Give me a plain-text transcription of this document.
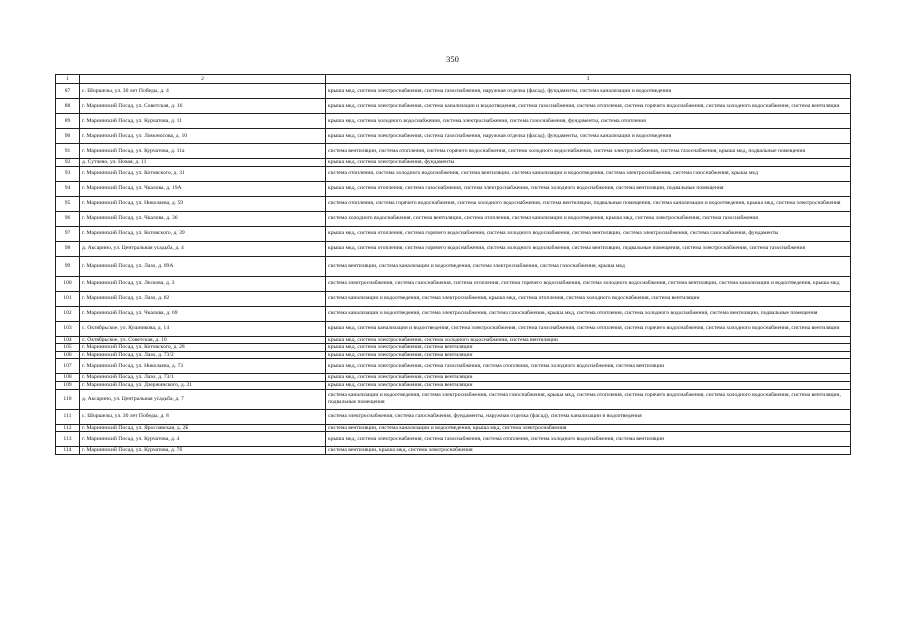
350
1	2	3
87	с. Шоршелы, ул. 30 лет Победы, д. 4	крыша мкд, система электроснабжения, система газоснабжения, наружная отделка (фасад), фундаменты, система канализации и водоотведения
88	г. Мариинский Посад, ул. Советская, д. 16	крыша мкд, система электроснабжения, система канализации и водоотведения, система газоснабжения, система отопления, система горячего водоснабжения, система холодного водоснабжения, система вентиляции
89	г. Мариинский Посад, ул. Курчатова, д. 11	крыша мкд, система холодного водоснабжения, система электроснабжения, система газоснабжения, фундаменты, система отопления
90	г. Мариинский Посад, ул. Ломоносова, д. 10	крыша мкд, система электроснабжения, система газоснабжения, наружная отделка (фасад), фундаменты, система канализации и водоотведения
91	г. Мариинский Посад, ул. Курчатова, д. 11а	система вентиляции, система отопления, система горячего водоснабжения, система холодного водоснабжения, система электроснабжения, система газоснабжения, крыша мкд, подвальные помещения
92	д. Сутчево, ул. Новая, д. 11	крыша мкд, система электроснабжения, фундаменты
93	г. Мариинский Посад, ул. Котовского, д. 31	система отопления, система холодного водоснабжения, система вентиляции, система канализации и водоотведения, система электроснабжения, система газоснабжения, крыша мкд
94	г. Мариинский Посад, ул. Чкалова, д. 19А	крыша мкд, система отопления, система газоснабжения, система электроснабжения, система холодного водоснабжения, система вентиляции, подвальные помещения
95	г. Мариинский Посад, ул. Николаева, д. 59	система отопления, система горячего водоснабжения, система холодного водоснабжения, система вентиляции, подвальные помещения, система канализации и водоотведения, крыша мкд, система электроснабжения
96	г. Мариинский Посад, ул. Чкалова, д. 36	система холодного водоснабжения, система вентиляции, система отопления, система канализации и водоотведения, крыша мкд, система электроснабжения, система газоснабжения
97	г. Мариинский Посад, ул. Котовского, д. 39	крыша мкд, система отопления, система горячего водоснабжения, система холодного водоснабжения, система вентиляции, система электроснабжения, система газоснабжения, фундаменты
98	д. Аксарино, ул. Центральная усадьба, д. 4	крыша мкд, система отопления, система горячего водоснабжения, система холодного водоснабжения, система вентиляции, подвальные помещения, система электроснабжения, система газоснабжения
99	г. Мариинский Посад, ул. Лазо, д. 69А	система вентиляции, система канализации и водоотведения, система электроснабжения, система газоснабжения, крыша мкд
100	г. Мариинский Посад, ул. Лескова, д. 3	система электроснабжения, система газоснабжения, система отопления, система горячего водоснабжения, система холодного водоснабжения, система вентиляции, система канализации и водоотведения, крыша мкд
101	г. Мариинский Посад, ул. Лазо, д. 82	система канализации и водоотведения, система электроснабжения, крыша мкд, система отопления, система холодного водоснабжения, система вентиляции
102	г. Мариинский Посад, ул. Чкалова, д. 69	система канализации и водоотведения, система электроснабжения, система газоснабжения, крыша мкд, система отопления, система холодного водоснабжения, система вентиляции, подвальные помещения
103	с. Октябрьское, ул. Кушникова, д. 14	крыша мкд, система канализации и водоотведения, система электроснабжения, система газоснабжения, система отопления, система горячего водоснабжения, система холодного водоснабжения, система вентиляции
104	с. Октябрьское, ул. Советская, д. 10	крыша мкд, система электроснабжения, система холодного водоснабжения, система вентиляции
105	г. Мариинский Посад, ул. Котовского, д. 28	крыша мкд, система электроснабжения, система вентиляции
106	г. Мариинский Посад, ул. Лазо, д. 73/2	крыша мкд, система электроснабжения, система вентиляции
107	г. Мариинский Посад, ул. Николаева, д. 73	крыша мкд, система электроснабжения, система газоснабжения, система отопления, система холодного водоснабжения, система вентиляции
108	г. Мариинский Посад, ул. Лазо, д. 73/1	крыша мкд, система электроснабжения, система вентиляции
109	г. Мариинский Посад, ул. Дзержинского, д. 21	крыша мкд, система электроснабжения, система вентиляции
110	д. Аксарино, ул. Центральная усадьба, д. 7	система канализации и водоотведения, система электроснабжения, система газоснабжения, крыша мкд, система отопления, система горячего водоснабжения, система холодного водоснабжения, система вентиляции, подвальные помещения
111	с. Шоршелы, ул. 30 лет Победы, д. 8	система электроснабжения, система газоснабжения, фундаменты, наружная отделка (фасад), система канализации и водоотведения
112	г. Мариинский Посад, ул. Ярославская, д. 2Б	система вентиляции, система канализации и водоотведения, крыша мкд, система электроснабжения
113	г. Мариинский Посад, ул. Курчатова, д. 4	крыша мкд, система электроснабжения, система газоснабжения, система отопления, система холодного водоснабжения, система вентиляции
114	г. Мариинский Посад, ул. Курчатова, д. 7б	система вентиляции, крыша мкд, система электроснабжения
